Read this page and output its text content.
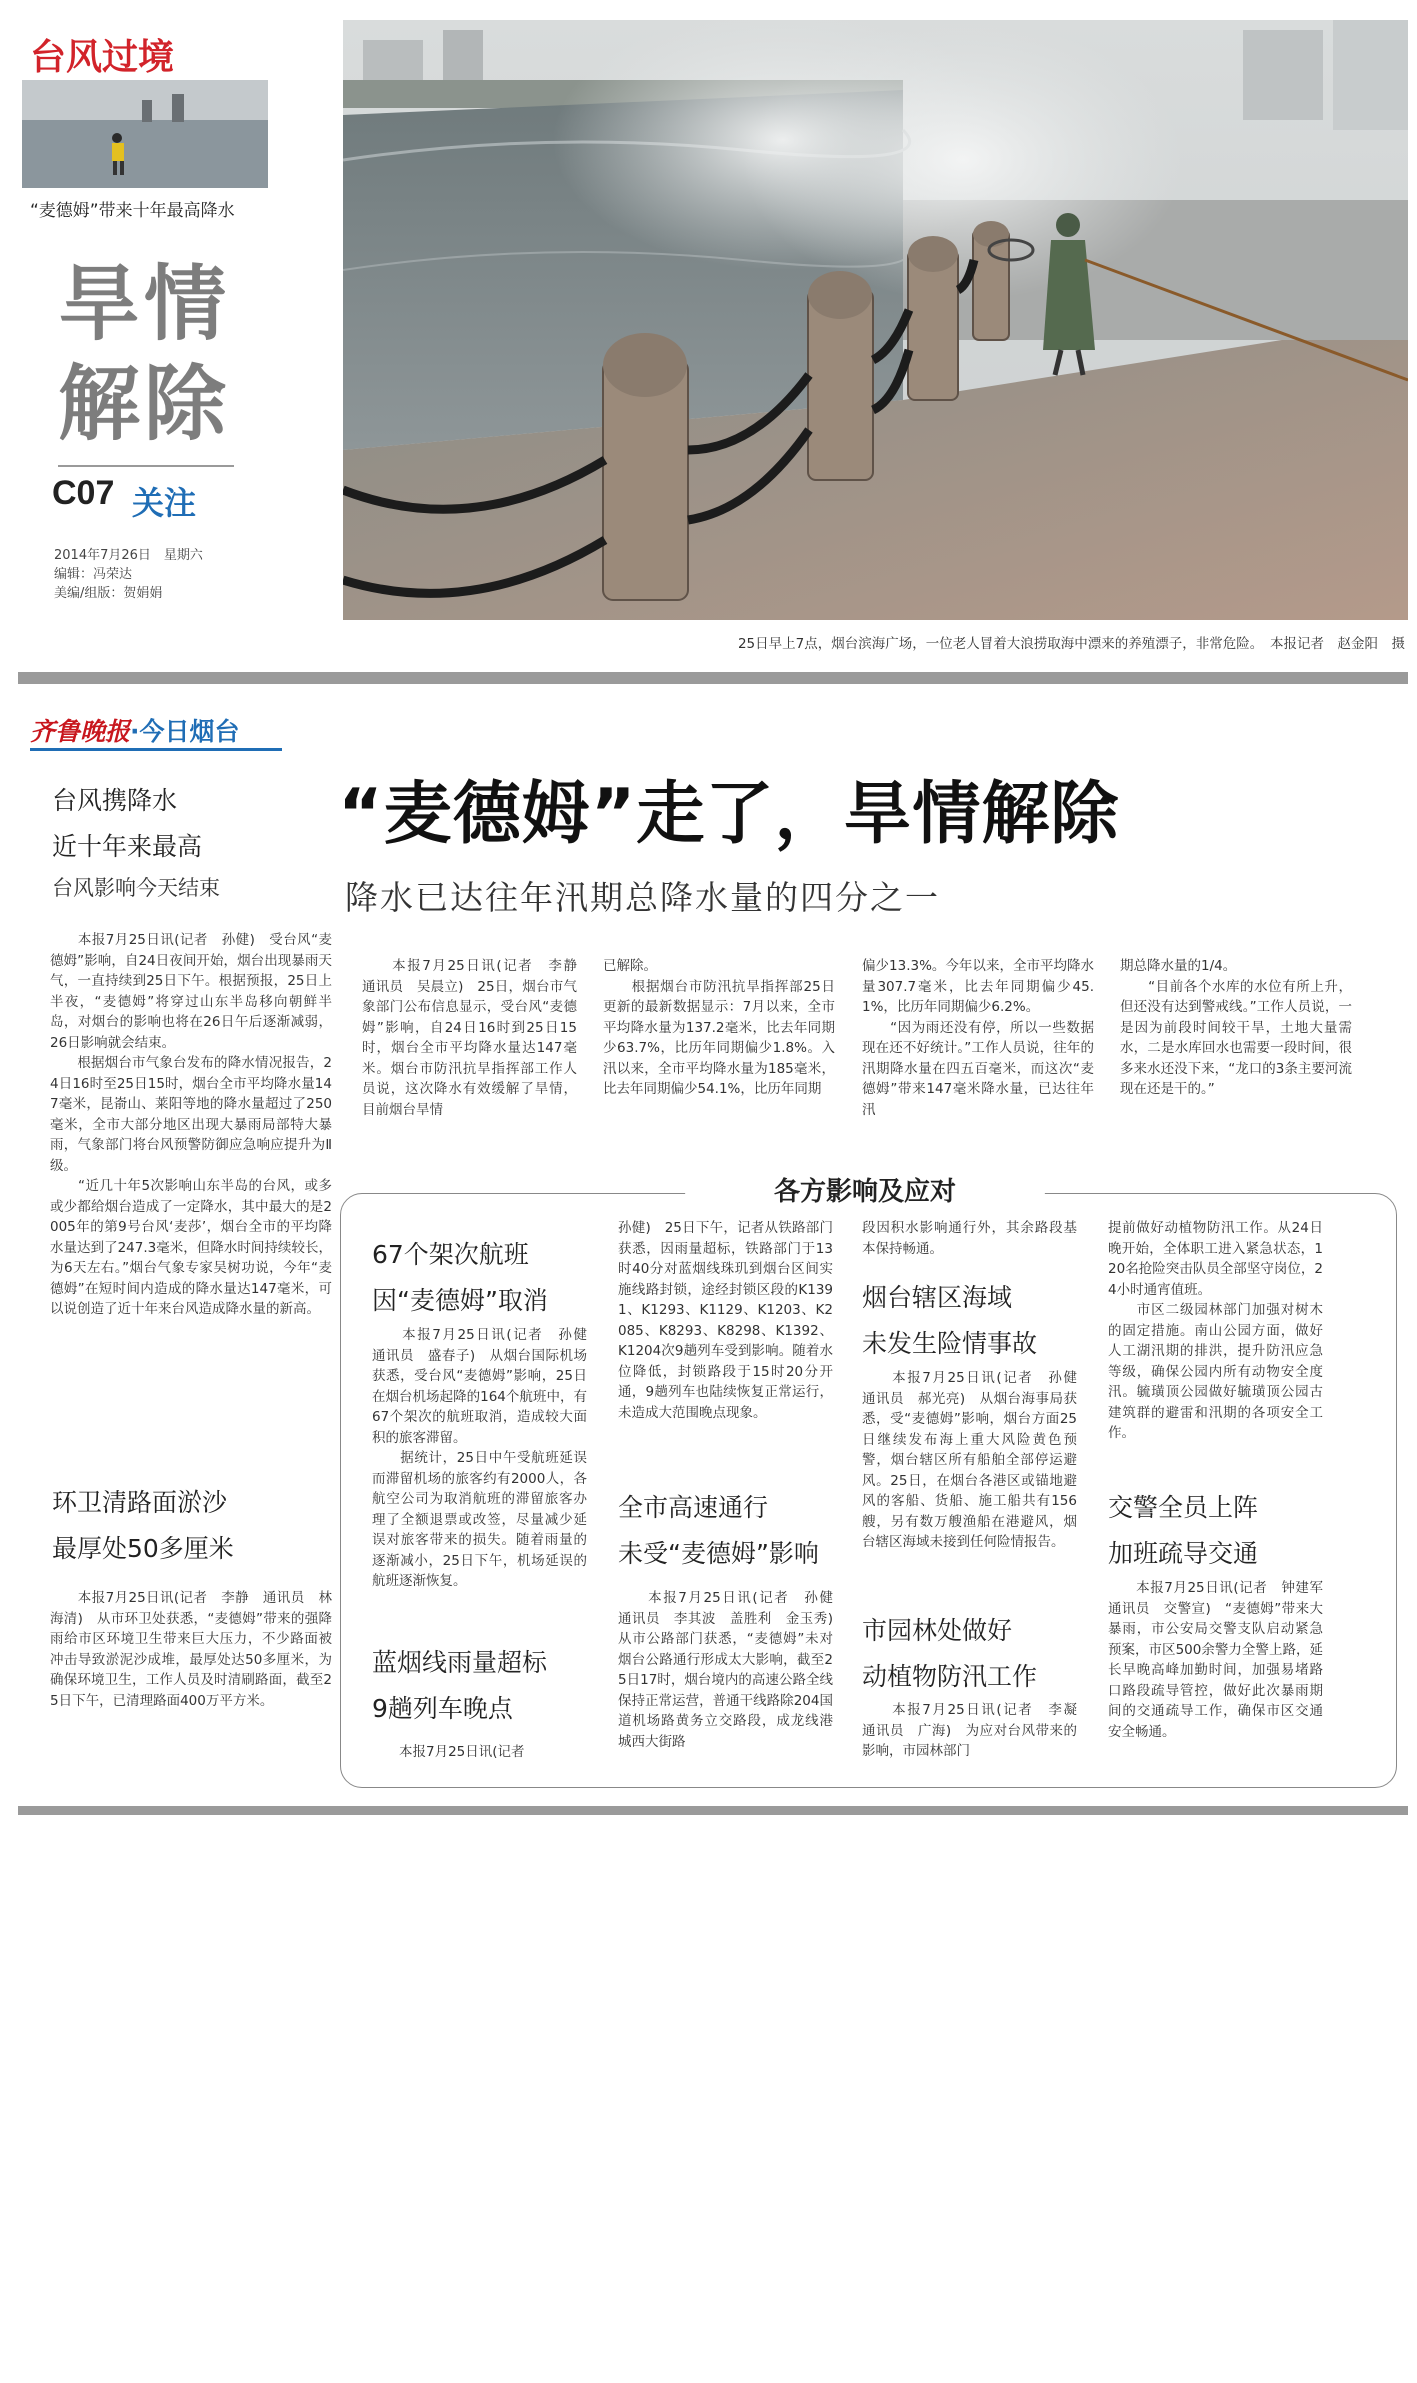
台风过境
“麦德姆”带来十年最高降水
旱情
解除
C07 关注
2014年7月26日　星期六
编辑：冯荣达
美编/组版：贺娟娟
25日早上7点，烟台滨海广场，一位老人冒着大浪捞取海中漂来的养殖漂子，非常危险。　本报记者　赵金阳　摄
齐鲁晚报·今日烟台
台风携降水
近十年来最高
台风影响今天结束
　　本报7月25日讯(记者　孙健)　受台风“麦德姆”影响，自24日夜间开始，烟台出现暴雨天气，一直持续到25日下午。根据预报，25日上半夜，“麦德姆”将穿过山东半岛移向朝鲜半岛，对烟台的影响也将在26日午后逐渐减弱，26日影响就会结束。
　　根据烟台市气象台发布的降水情况报告，24日16时至25日15时，烟台全市平均降水量147毫米，昆嵛山、莱阳等地的降水量超过了250毫米，全市大部分地区出现大暴雨局部特大暴雨，气象部门将台风预警防御应急响应提升为Ⅱ级。
　　“近几十年5次影响山东半岛的台风，或多或少都给烟台造成了一定降水，其中最大的是2005年的第9号台风‘麦莎’，烟台全市的平均降水量达到了247.3毫米，但降水时间持续较长，为6天左右。”烟台气象专家吴树功说，今年“麦德姆”在短时间内造成的降水量达147毫米，可以说创造了近十年来台风造成降水量的新高。
环卫清路面淤沙
最厚处50多厘米
　　本报7月25日讯(记者　李静　通讯员　林海清)　从市环卫处获悉，“麦德姆”带来的强降雨给市区环境卫生带来巨大压力，不少路面被冲击导致淤泥沙成堆，最厚处达50多厘米，为确保环境卫生，工作人员及时清刷路面，截至25日下午，已清理路面400万平方米。
“麦德姆”走了，旱情解除
降水已达往年汛期总降水量的四分之一
　　本报7月25日讯(记者　李静　通讯员　吴晨立)　25日，烟台市气象部门公布信息显示，受台风“麦德姆”影响，自24日16时到25日15时，烟台全市平均降水量达147毫米。烟台市防汛抗旱指挥部工作人员说，这次降水有效缓解了旱情，目前烟台旱情
已解除。
　　根据烟台市防汛抗旱指挥部25日更新的最新数据显示：7月以来，全市平均降水量为137.2毫米，比去年同期少63.7%，比历年同期偏少1.8%。入汛以来，全市平均降水量为185毫米，比去年同期偏少54.1%，比历年同期
偏少13.3%。今年以来，全市平均降水量307.7毫米，比去年同期偏少45.1%，比历年同期偏少6.2%。
　　“因为雨还没有停，所以一些数据现在还不好统计。”工作人员说，往年的汛期降水量在四五百毫米，而这次“麦德姆”带来147毫米降水量，已达往年汛
期总降水量的1/4。
　　“目前各个水库的水位有所上升，但还没有达到警戒线。”工作人员说，一是因为前段时间较干旱，土地大量需水，二是水库回水也需要一段时间，很多来水还没下来，“龙口的3条主要河流现在还是干的。”
各方影响及应对
67个架次航班
因“麦德姆”取消
　　本报7月25日讯(记者　孙健　通讯员　盛春子)　从烟台国际机场获悉，受台风“麦德姆”影响，25日在烟台机场起降的164个航班中，有67个架次的航班取消，造成较大面积的旅客滞留。
　　据统计，25日中午受航班延误而滞留机场的旅客约有2000人，各航空公司为取消航班的滞留旅客办理了全额退票或改签，尽量减少延误对旅客带来的损失。随着雨量的逐渐减小，25日下午，机场延误的航班逐渐恢复。
蓝烟线雨量超标
9趟列车晚点
　　本报7月25日讯(记者
孙健)　25日下午，记者从铁路部门获悉，因雨量超标，铁路部门于13时40分对蓝烟线珠玑到烟台区间实施线路封锁，途经封锁区段的K1391、K1293、K1129、K1203、K2085、K8293、K8298、K1392、K1204次9趟列车受到影响。随着水位降低，封锁路段于15时20分开通，9趟列车也陆续恢复正常运行，未造成大范围晚点现象。
全市高速通行
未受“麦德姆”影响
　　本报7月25日讯(记者　孙健　通讯员　李其波　盖胜利　金玉秀)　从市公路部门获悉，“麦德姆”未对烟台公路通行形成太大影响，截至25日17时，烟台境内的高速公路全线保持正常运营，普通干线路除204国道机场路黄务立交路段，成龙线港城西大街路
段因积水影响通行外，其余路段基本保持畅通。
烟台辖区海域
未发生险情事故
　　本报7月25日讯(记者　孙健　通讯员　郝光亮)　从烟台海事局获悉，受“麦德姆”影响，烟台方面25日继续发布海上重大风险黄色预警，烟台辖区所有船舶全部停运避风。25日，在烟台各港区或锚地避风的客船、货船、施工船共有156艘，另有数万艘渔船在港避风，烟台辖区海域未接到任何险情报告。
市园林处做好
动植物防汛工作
　　本报7月25日讯(记者　李凝　通讯员　广海)　为应对台风带来的影响，市园林部门
提前做好动植物防汛工作。从24日晚开始，全体职工进入紧急状态，120名抢险突击队员全部坚守岗位，24小时通宵值班。
　　市区二级园林部门加强对树木的固定措施。南山公园方面，做好人工湖汛期的排洪，提升防汛应急等级，确保公园内所有动物安全度汛。毓璜顶公园做好毓璜顶公园古建筑群的避雷和汛期的各项安全工作。
交警全员上阵
加班疏导交通
　　本报7月25日讯(记者　钟建军　通讯员　交警宣)　“麦德姆”带来大暴雨，市公安局交警支队启动紧急预案，市区500余警力全警上路，延长早晚高峰加勤时间，加强易堵路口路段疏导管控，做好此次暴雨期间的交通疏导工作，确保市区交通安全畅通。
